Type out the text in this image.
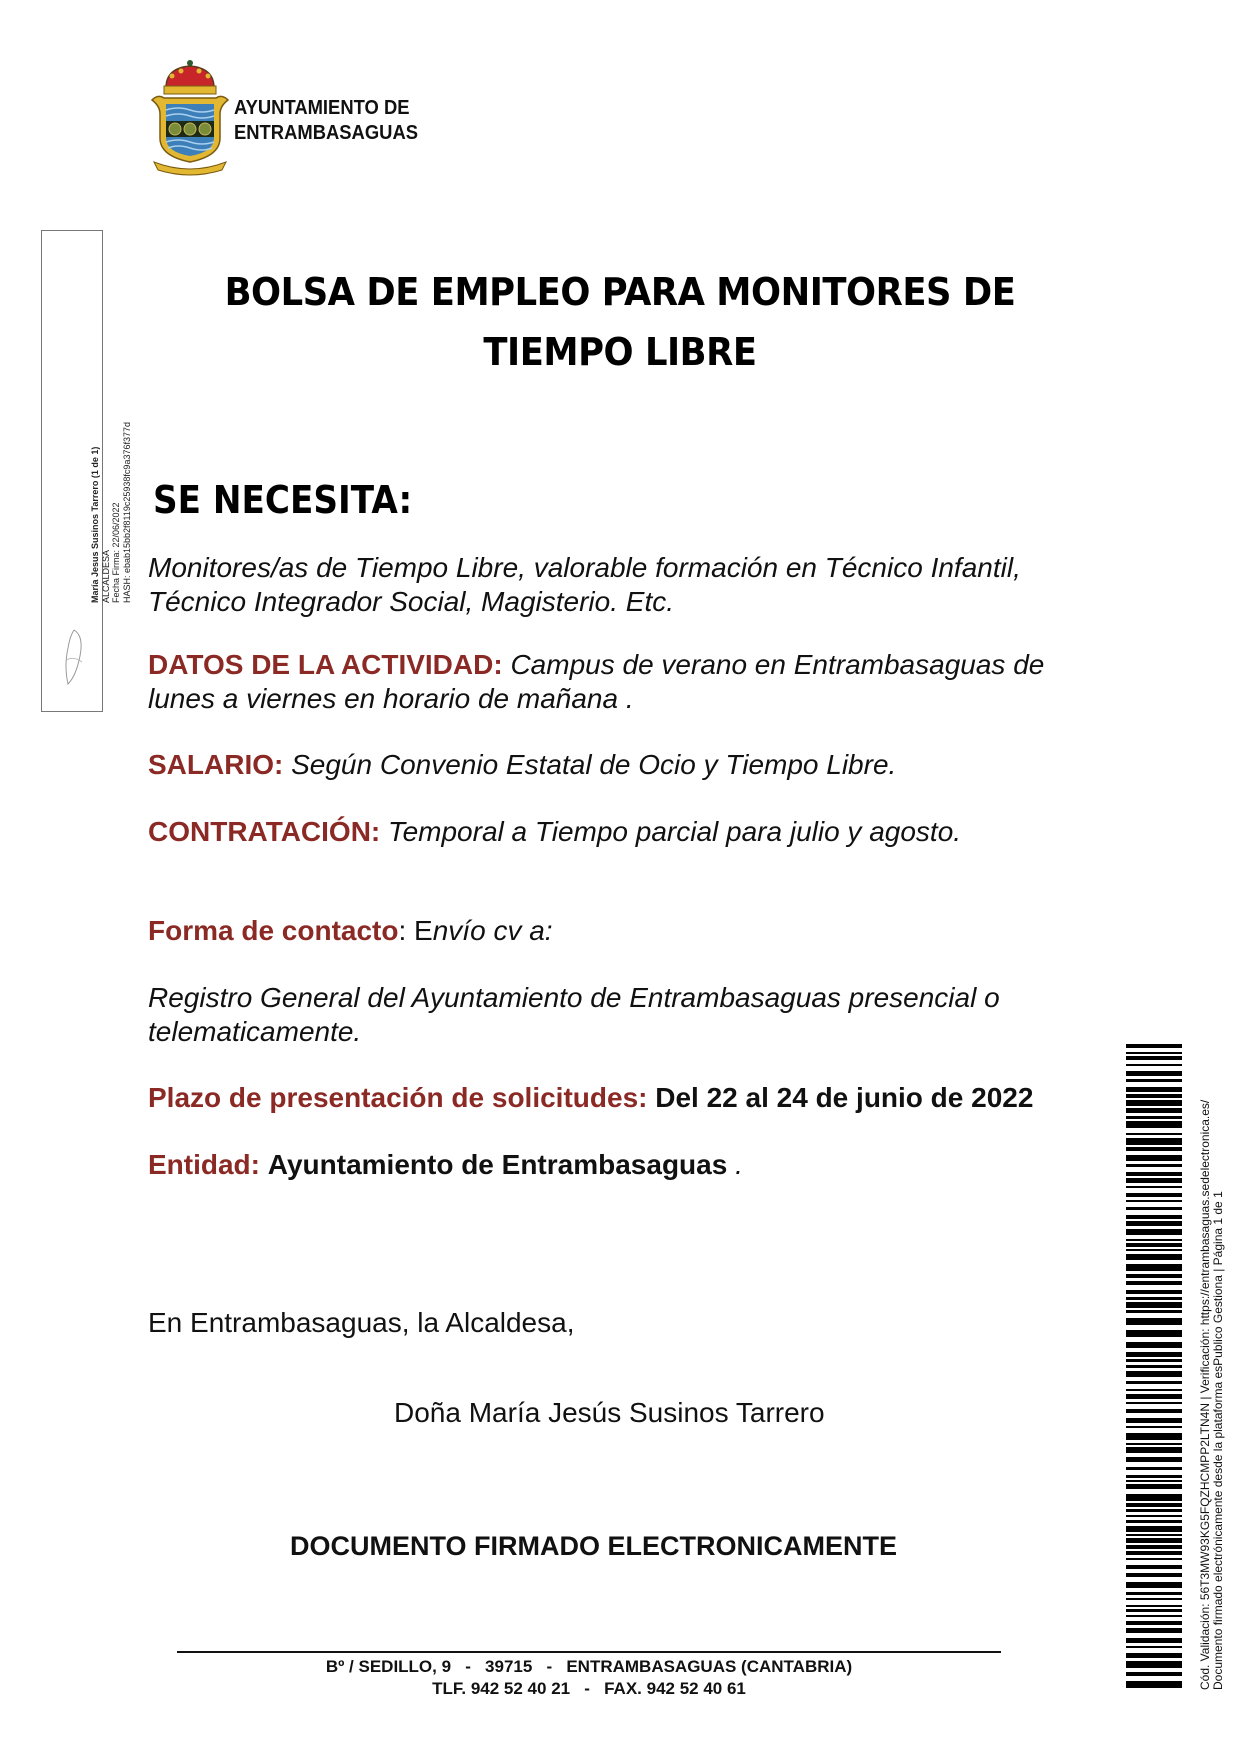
AYUNTAMIENTO DE
ENTRAMBASAGUAS
María Jesus Susinos Tarrero (1 de 1) ALCALDESA Fecha Firma: 22/06/2022 HASH: ebab15bb2f8119c25938fc9a376f377d
BOLSA DE EMPLEO PARA MONITORES DE
TIEMPO LIBRE
SE NECESITA:
Monitores/as de Tiempo Libre, valorable formación en Técnico Infantil, Técnico Integrador Social, Magisterio. Etc.
DATOS DE LA ACTIVIDAD: Campus de verano en Entrambasaguas de lunes a viernes en horario de mañana .
SALARIO: Según Convenio Estatal de Ocio y Tiempo Libre.
CONTRATACIÓN: Temporal a Tiempo parcial para julio y agosto.
Forma de contacto: Envío cv a:
Registro General del Ayuntamiento de Entrambasaguas presencial o telematicamente.
Plazo de presentación de solicitudes: Del 22 al 24 de junio de 2022
Entidad: Ayuntamiento de Entrambasaguas .
En Entrambasaguas, la Alcaldesa,
Doña María Jesús Susinos Tarrero
DOCUMENTO FIRMADO ELECTRONICAMENTE
Bº / SEDILLO, 9   -   39715   -   ENTRAMBASAGUAS (CANTABRIA)
TLF. 942 52 40 21   -   FAX. 942 52 40 61	Cód. Validación: 56T3MW93KG5FQZHCMPP2LTN4N | Verificación: https://entrambasaguas.sedelectronica.es/ Documento firmado electrónicamente desde la plataforma esPublico Gestiona | Página 1 de 1
